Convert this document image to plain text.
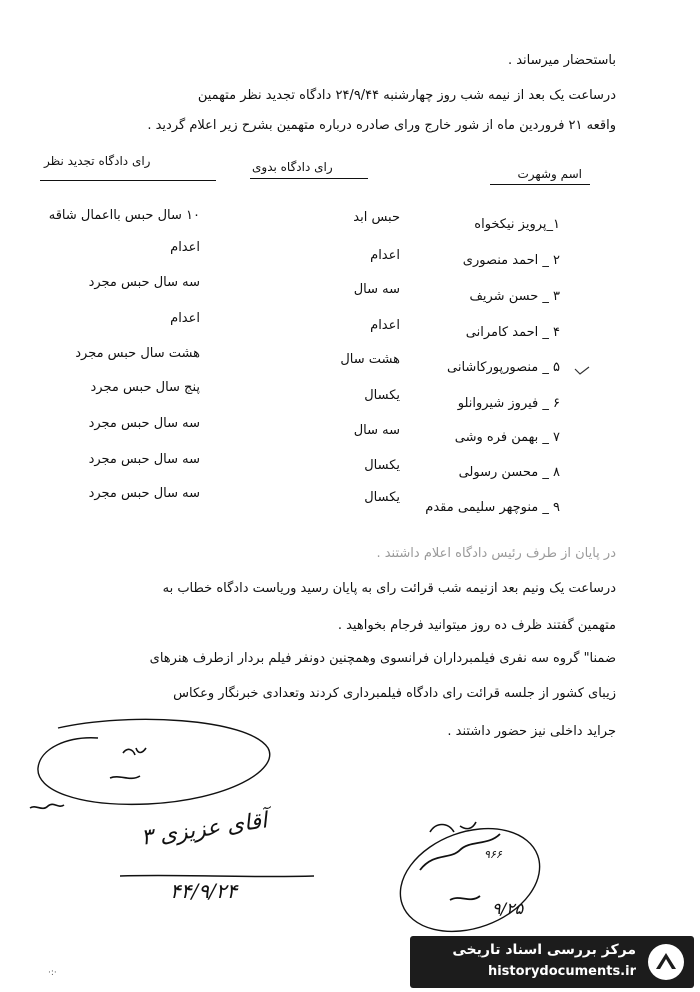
باستحضار میرساند .
درساعت یک بعد از نیمه شب روز چهارشنبه ۲۴/۹/۴۴ دادگاه تجدید نظر متهمین
واقعه ۲۱ فروردین ماه از شور خارج ورای صادره درباره متهمین بشرح زیر اعلام گردید .
اسم وشهرت
رای دادگاه بدوی
رای دادگاه تجدید نظر
۱_پرویز نیکخواه
حبس ابد
۱۰ سال حبس بااعمال شاقه
۲ _ احمد منصوری
اعدام
اعدام
۳ _ حسن شریف
سه سال
سه سال حبس مجرد
۴ _ احمد کامرانی
اعدام
اعدام
۵ _ منصورپورکاشانی
هشت سال
هشت سال حبس مجرد
۶ _ فیروز شیروانلو
یکسال
پنج سال حبس مجرد
۷ _ بهمن فره وشی
سه سال
سه سال حبس مجرد
۸ _ محسن رسولی
یکسال
سه سال حبس مجرد
۹ _ منوچهر سلیمی مقدم
یکسال
سه سال حبس مجرد
در پایان از طرف رئیس دادگاه اعلام داشتند .
درساعت یک ونیم بعد ازنیمه شب قرائت رای به پایان رسید وریاست دادگاه خطاب به
متهمین گفتند ظرف ده روز میتوانید فرجام بخواهید .
ضمنا" گروه سه نفری فیلمبرداران فرانسوی وهمچنین دونفر فیلم بردار ازطرف هنرهای
زیبای کشور از جلسه قرائت رای دادگاه فیلمبرداری کردند وتعدادی خبرنگار وعکاس
جراید داخلی نیز حضور داشتند .
آقای عزیزی ۳
۴۴/۹/۲۴
۹۶۶
۹/۲۵
·:·
مرکز بررسی اسناد تاریخی
historydocuments.ir
